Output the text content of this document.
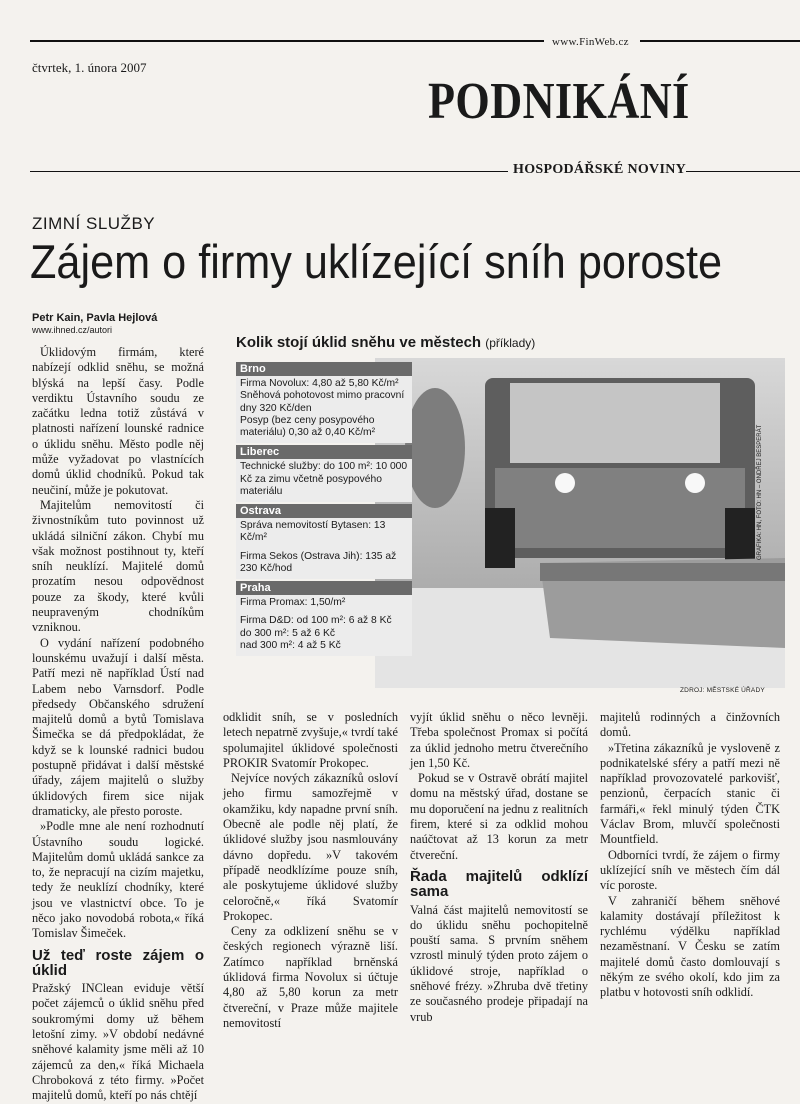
www.FinWeb.cz
čtvrtek, 1. února 2007
PODNIKÁNÍ
HOSPODÁŘSKÉ NOVINY
ZIMNÍ SLUŽBY
Zájem o firmy uklízející sníh poroste
Petr Kain, Pavla Hejlová
www.ihned.cz/autori

Úklidovým firmám, které nabízejí odklid sněhu, se možná blýská na lepší časy. Podle verdiktu Ústavního soudu ze začátku ledna totiž zůstává v platnosti nařízení lounské radnice o úklidu sněhu. Město podle něj může vyžadovat po vlastnících domů úklid chodníků. Pokud tak neučiní, může je pokutovat.

Majitelům nemovitostí či živnostníkům tuto povinnost už ukládá silniční zákon. Chybí mu však možnost postihnout ty, kteří sníh neuklízí. Majitelé domů prozatím nesou odpovědnost pouze za škody, které kvůli neupraveným chodníkům vzniknou.

O vydání nařízení podobného lounskému uvažují i další města. Patří mezi ně například Ústí nad Labem nebo Varnsdorf. Podle předsedy Občanského sdružení majitelů domů a bytů Tomislava Šimečka se dá předpokládat, že když se k lounské radnici budou postupně přidávat i další městské úřady, zájem majitelů o služby úklidových firem sice nijak dramaticky, ale přesto poroste.

»Podle mne ale není rozhodnutí Ústavního soudu logické. Majitelům domů ukládá sankce za to, že nepracují na cizím majetku, tedy že neuklízí chodníky, které jsou ve vlastnictví obce. To je něco jako novodobá robota,« říká Tomislav Šimeček.

Už teď roste zájem o úklid

Pražský INClean eviduje větší počet zájemců o úklid sněhu před soukromými domy už během letošní zimy. »V období nedávné sněhové kalamity jsme měli až 10 zájemců za den,« říká Michaela Chroboková z této firmy. »Počet majitelů domů, kteří po nás chtějí

Kolik stojí úklid sněhu ve městech (příklady)
GRAFIKA: HN, FOTO: HN – ONDŘEJ BESPERÁT
Brno
Firma Novolux: 4,80 až 5,80 Kč/m²
Sněhová pohotovost mimo pracovní dny 320 Kč/den
Posyp (bez ceny posypového materiálu) 0,30 až 0,40 Kč/m²
Liberec
Technické služby: do 100 m²: 10 000 Kč za zimu včetně posypového materiálu
Ostrava
Správa nemovitostí Bytasen: 13 Kč/m²
Firma Sekos (Ostrava Jih): 135 až 230 Kč/hod
Praha
Firma Promax: 1,50/m²
Firma D&D: od 100 m²: 6 až 8 Kč
do 300 m²: 5 až 6 Kč
nad 300 m²: 4 až 5 Kč
ZDROJ: MĚSTSKÉ ÚŘADY

odklidit sníh, se v posledních letech nepatrně zvyšuje,« tvrdí také spolumajitel úklidové společnosti PROKIR Svatomír Prokopec.

Nejvíce nových zákazníků osloví jeho firmu samozřejmě v okamžiku, kdy napadne první sníh. Obecně ale podle něj platí, že úklidové služby jsou nasmlouvány dávno dopředu. »V takovém případě neodklízíme pouze sníh, ale poskytujeme úklidové služby celoročně,« říká Svatomír Prokopec.

Ceny za odklizení sněhu se v českých regionech výrazně liší. Zatímco například brněnská úklidová firma Novolux si účtuje 4,80 až 5,80 korun za metr čtvereční, v Praze může majitele nemovitostí

vyjít úklid sněhu o něco levněji. Třeba společnost Promax si počítá za úklid jednoho metru čtverečního jen 1,50 Kč.

Pokud se v Ostravě obrátí majitel domu na městský úřad, dostane se mu doporučení na jednu z realitních firem, které si za odklid mohou naúčtovat až 13 korun za metr čtvereční.

Řada majitelů odklízí sama

Valná část majitelů nemovitostí se do úklidu sněhu pochopitelně pouští sama. S prvním sněhem vzrostl minulý týden proto zájem o úklidové stroje, například o sněhové frézy. »Zhruba dvě třetiny ze současného prodeje připadají na vrub

majitelů rodinných a činžovních domů.

»Třetina zákazníků je vysloveně z podnikatelské sféry a patří mezi ně například provozovatelé parkovišť, penzionů, čerpacích stanic či farmáři,« řekl minulý týden ČTK Václav Brom, mluvčí společnosti Mountfield.

Odborníci tvrdí, že zájem o firmy uklízející sníh ve městech čím dál víc poroste.

V zahraničí během sněhové kalamity dostávají příležitost k rychlému výdělku například nezaměstnaní. V Česku se zatím majitelé domů často domlouvají s někým ze svého okolí, kdo jim za platbu v hotovosti sníh odklidí.
